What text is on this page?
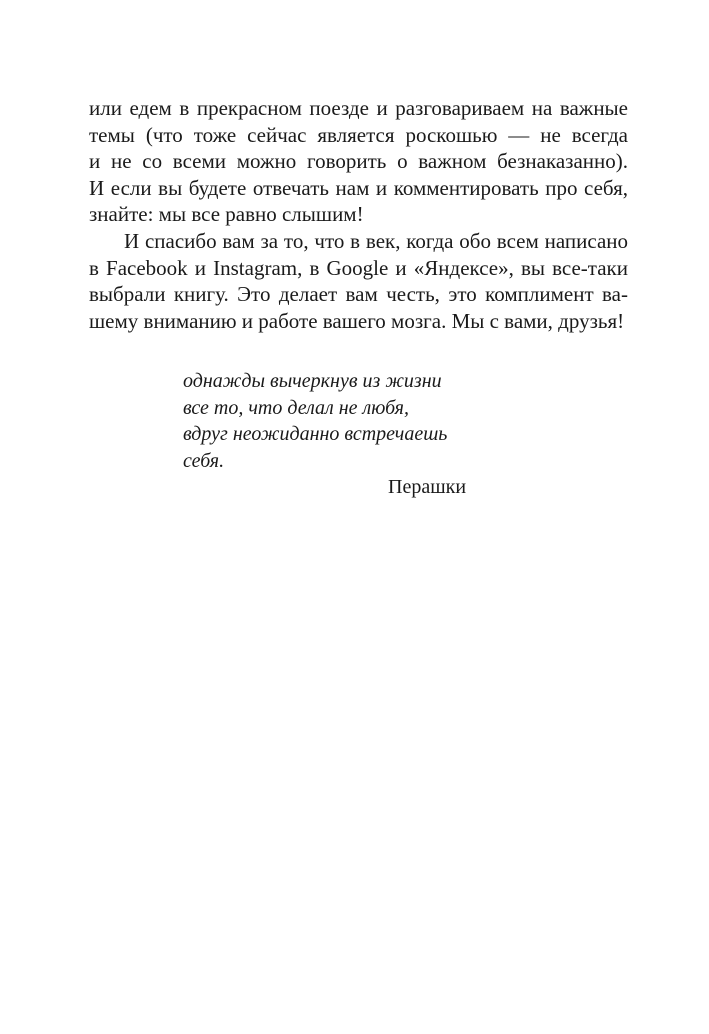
или едем в прекрасном поезде и разговариваем на важные
темы (что тоже сейчас является роскошью — не всегда
и не со всеми можно говорить о важном безнаказанно).
И если вы будете отвечать нам и комментировать про себя,
знайте: мы все равно слышим!
И спасибо вам за то, что в век, когда обо всем написано
в Facebook и Instagram, в Google и «Яндексе», вы все-таки
выбрали книгу. Это делает вам честь, это комплимент ва-
шему вниманию и работе вашего мозга. Мы с вами, друзья!
однажды вычеркнув из жизни
все то, что делал не любя,
вдруг неожиданно встречаешь
себя.
Перашки
